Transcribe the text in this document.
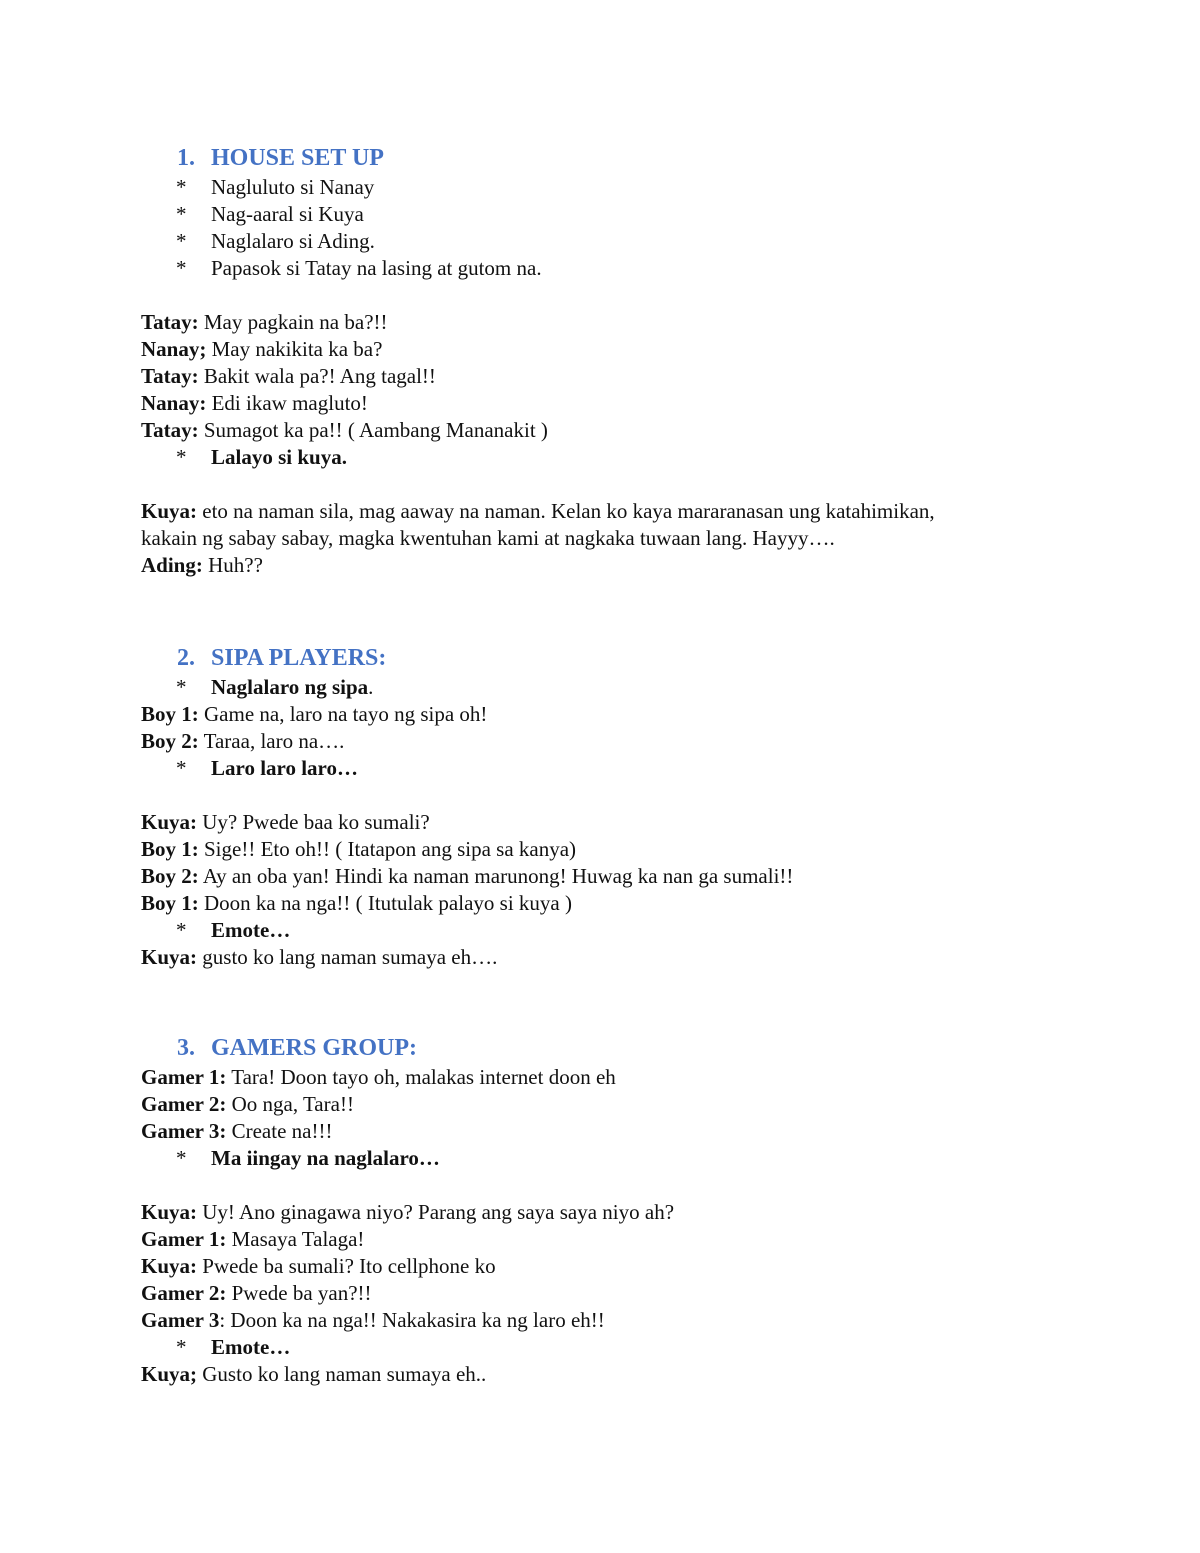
1. HOUSE SET UP
* Nagluluto si Nanay
* Nag-aaral si Kuya
* Naglalaro si Ading.
* Papasok si Tatay na lasing at gutom na.
Tatay: May pagkain na ba?!!
Nanay; May nakikita ka ba?
Tatay: Bakit wala pa?! Ang tagal!!
Nanay: Edi ikaw magluto!
Tatay: Sumagot ka pa!! ( Aambang Mananakit )
* Lalayo si kuya.
Kuya: eto na naman sila, mag aaway na naman. Kelan ko kaya mararanasan ung katahimikan,
kakain ng sabay sabay, magka kwentuhan kami at nagkaka tuwaan lang. Hayyy….
Ading: Huh??
2. SIPA PLAYERS:
* Naglalaro ng sipa.
Boy 1: Game na, laro na tayo ng sipa oh!
Boy 2: Taraa, laro na….
* Laro laro laro…
Kuya: Uy? Pwede baa ko sumali?
Boy 1: Sige!! Eto oh!! ( Itatapon ang sipa sa kanya)
Boy 2: Ay an oba yan! Hindi ka naman marunong! Huwag ka nan ga sumali!!
Boy 1: Doon ka na nga!! ( Itutulak palayo si kuya )
* Emote…
Kuya: gusto ko lang naman sumaya eh….
3. GAMERS GROUP:
Gamer 1: Tara! Doon tayo oh, malakas internet doon eh
Gamer 2: Oo nga, Tara!!
Gamer 3: Create na!!!
* Ma iingay na naglalaro…
Kuya: Uy! Ano ginagawa niyo? Parang ang saya saya niyo ah?
Gamer 1: Masaya Talaga!
Kuya: Pwede ba sumali? Ito cellphone ko
Gamer 2: Pwede ba yan?!!
Gamer 3: Doon ka na nga!! Nakakasira ka ng laro eh!!
* Emote…
Kuya; Gusto ko lang naman sumaya eh..
